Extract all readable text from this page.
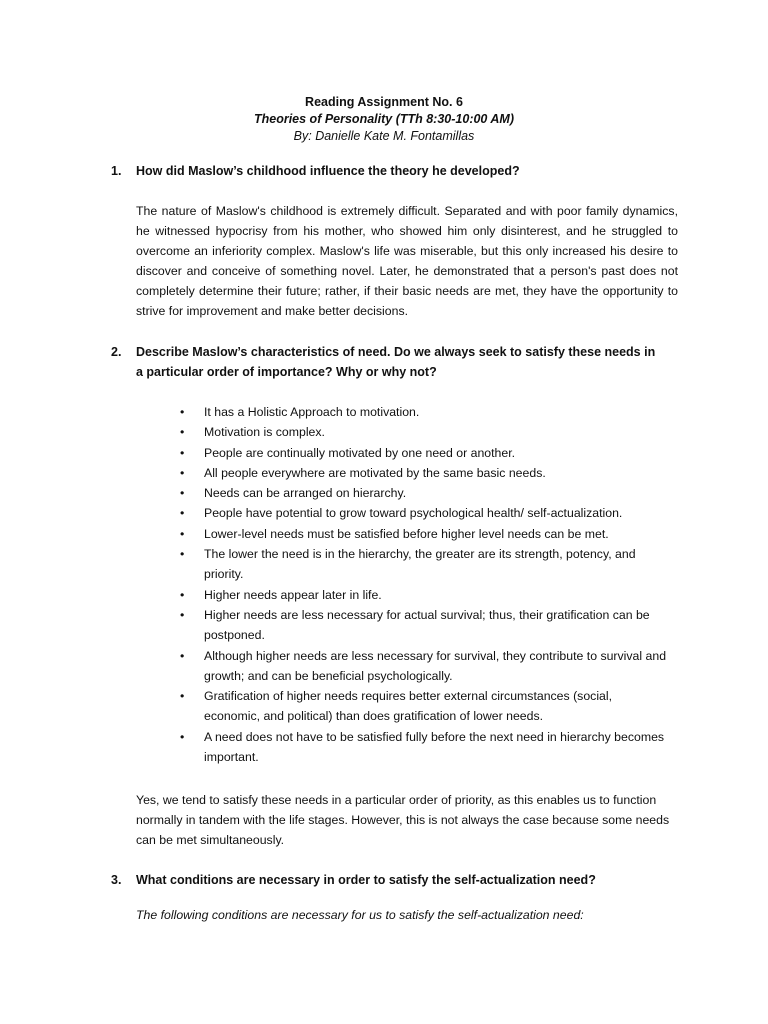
Reading Assignment No. 6
Theories of Personality (TTh 8:30-10:00 AM)
By: Danielle Kate M. Fontamillas
1. How did Maslow’s childhood influence the theory he developed?
The nature of Maslow's childhood is extremely difficult. Separated and with poor family dynamics, he witnessed hypocrisy from his mother, who showed him only disinterest, and he struggled to overcome an inferiority complex. Maslow's life was miserable, but this only increased his desire to discover and conceive of something novel. Later, he demonstrated that a person's past does not completely determine their future; rather, if their basic needs are met, they have the opportunity to strive for improvement and make better decisions.
2. Describe Maslow’s characteristics of need. Do we always seek to satisfy these needs in a particular order of importance? Why or why not?
• It has a Holistic Approach to motivation.
• Motivation is complex.
• People are continually motivated by one need or another.
• All people everywhere are motivated by the same basic needs.
• Needs can be arranged on hierarchy.
• People have potential to grow toward psychological health/ self-actualization.
• Lower-level needs must be satisfied before higher level needs can be met.
• The lower the need is in the hierarchy, the greater are its strength, potency, and priority.
• Higher needs appear later in life.
• Higher needs are less necessary for actual survival; thus, their gratification can be postponed.
• Although higher needs are less necessary for survival, they contribute to survival and growth; and can be beneficial psychologically.
• Gratification of higher needs requires better external circumstances (social, economic, and political) than does gratification of lower needs.
• A need does not have to be satisfied fully before the next need in hierarchy becomes important.
Yes, we tend to satisfy these needs in a particular order of priority, as this enables us to function normally in tandem with the life stages. However, this is not always the case because some needs can be met simultaneously.
3. What conditions are necessary in order to satisfy the self-actualization need?
The following conditions are necessary for us to satisfy the self-actualization need:
